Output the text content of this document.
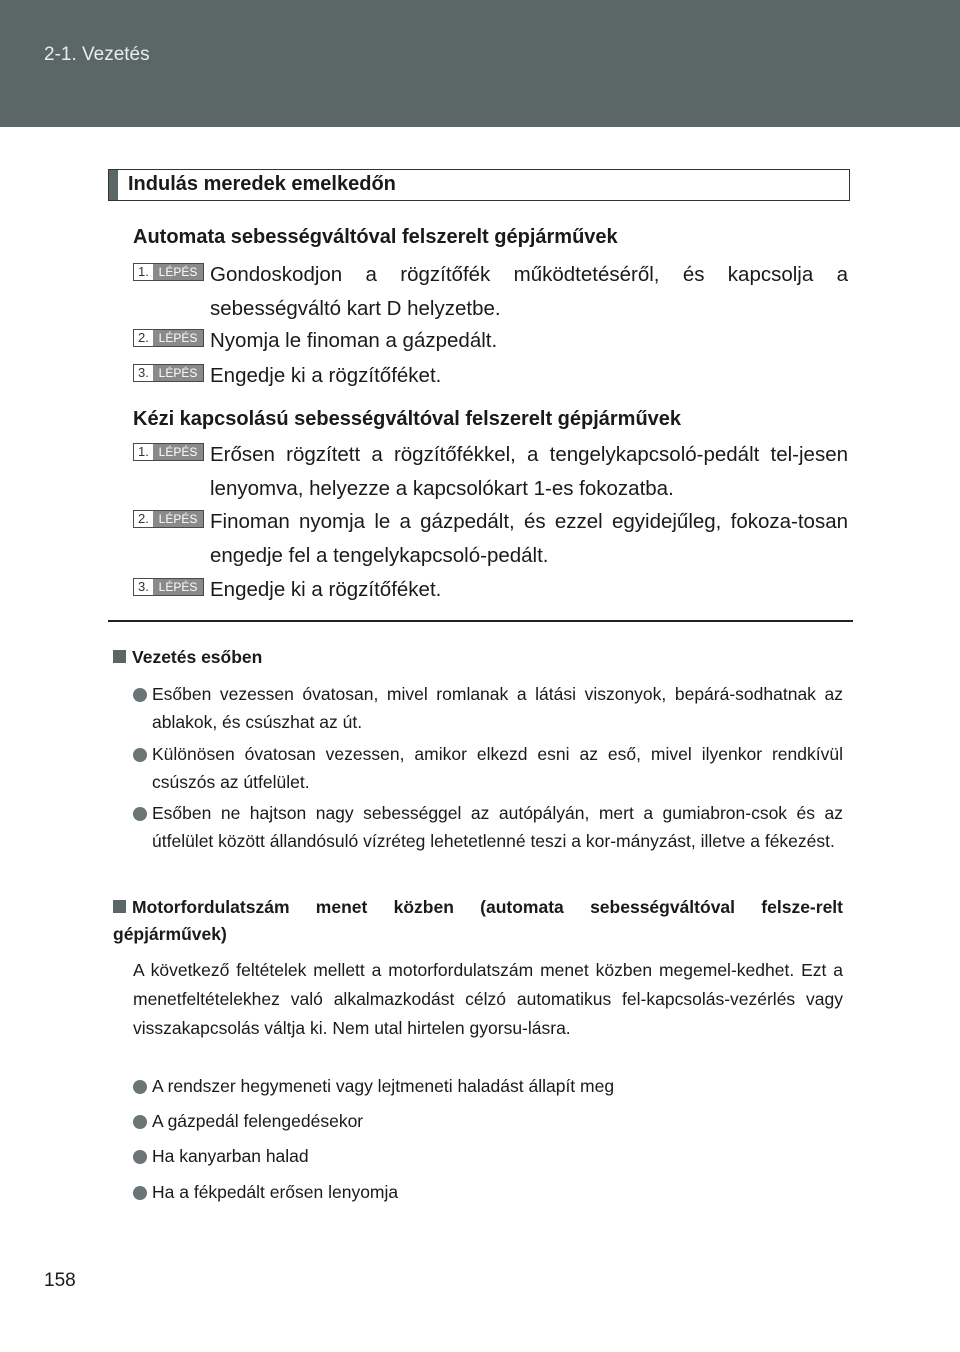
2-1. Vezetés
Indulás meredek emelkedőn
Automata sebességváltóval felszerelt gépjárművek
1. LÉPÉS Gondoskodjon a rögzítőfék működtetéséről, és kapcsolja a sebességváltó kart D helyzetbe.
2. LÉPÉS Nyomja le finoman a gázpedált.
3. LÉPÉS Engedje ki a rögzítőféket.
Kézi kapcsolású sebességváltóval felszerelt gépjárművek
1. LÉPÉS Erősen rögzített a rögzítőfékkel, a tengelykapcsoló-pedált tel-jesen lenyomva, helyezze a kapcsolókart 1-es fokozatba.
2. LÉPÉS Finoman nyomja le a gázpedált, és ezzel egyidejűleg, fokoza-tosan engedje fel a tengelykapcsoló-pedált.
3. LÉPÉS Engedje ki a rögzítőféket.
Vezetés esőben
Esőben vezessen óvatosan, mivel romlanak a látási viszonyok, bepárá-sodhatnak az ablakok, és csúszhat az út.
Különösen óvatosan vezessen, amikor elkezd esni az eső, mivel ilyenkor rendkívül csúszós az útfelület.
Esőben ne hajtson nagy sebességgel az autópályán, mert a gumiabron-csok és az útfelület között állandósuló vízréteg lehetetlenné teszi a kor-mányzást, illetve a fékezést.
Motorfordulatszám menet közben (automata sebességváltóval felsze-relt gépjárművek)
A következő feltételek mellett a motorfordulatszám menet közben megemel-kedhet. Ezt a menetfeltételekhez való alkalmazkodást célzó automatikus fel-kapcsolás-vezérlés vagy visszakapcsolás váltja ki. Nem utal hirtelen gyorsu-lásra.
A rendszer hegymeneti vagy lejtmeneti haladást állapít meg
A gázpedál felengedésekor
Ha kanyarban halad
Ha a fékpedált erősen lenyomja
158
